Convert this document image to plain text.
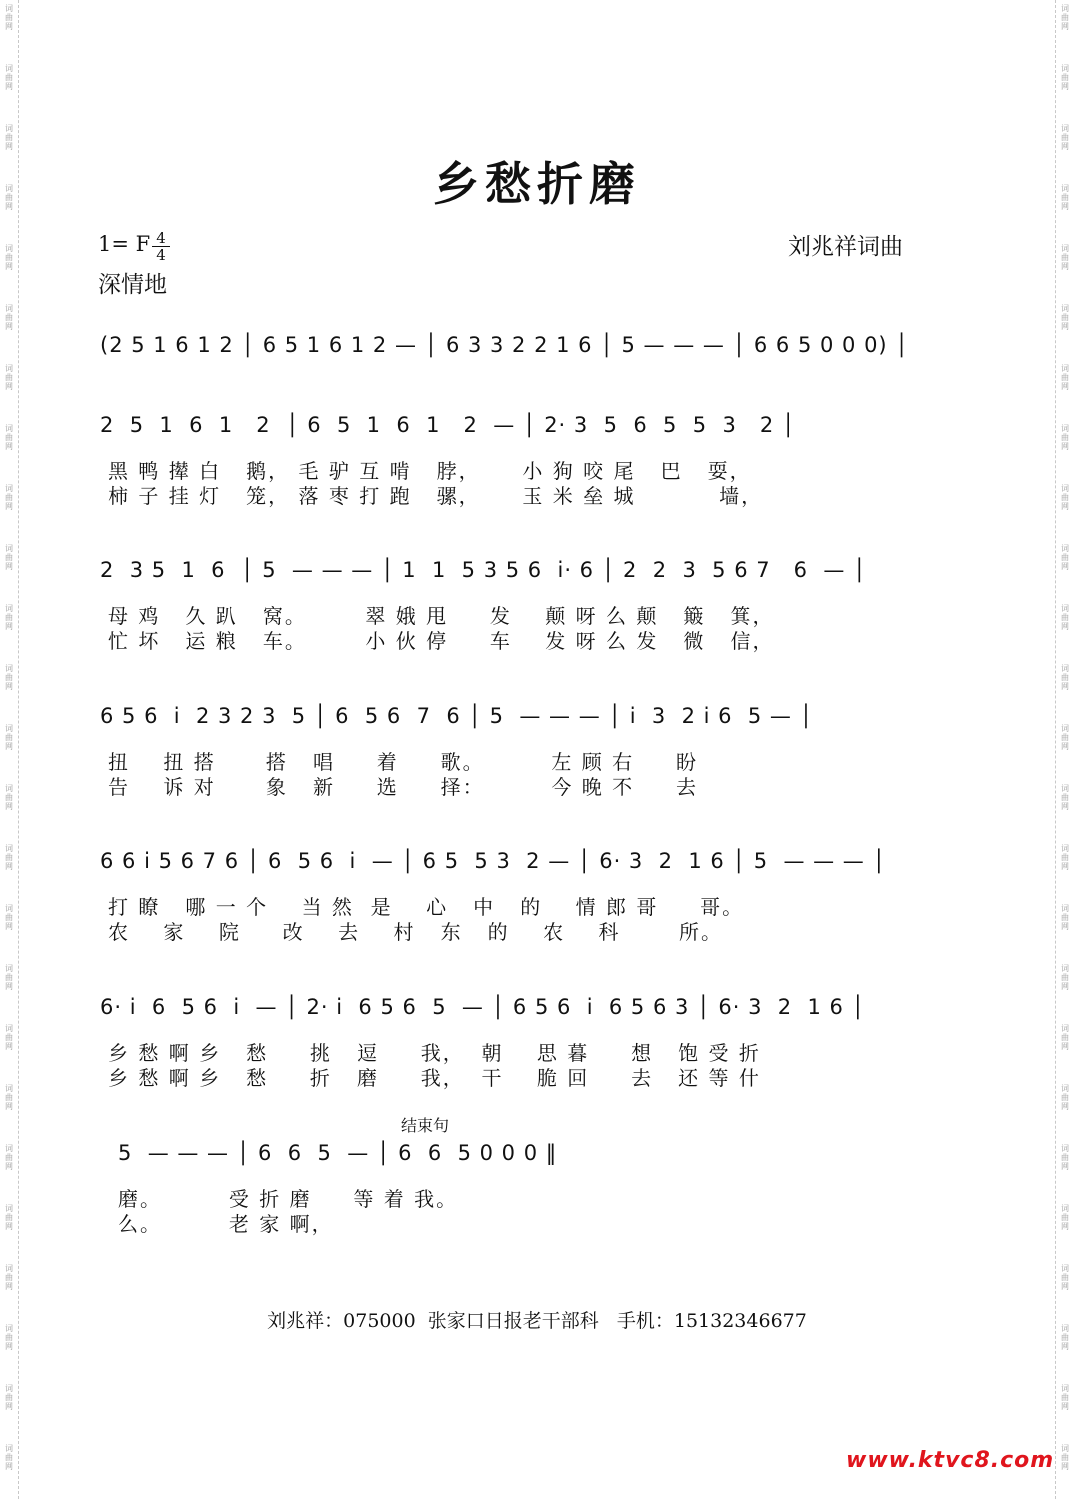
词
曲
网
词
曲
网
词
曲
网
词
曲
网
词
曲
网
词
曲
网
词
曲
网
词
曲
网
词
曲
网
词
曲
网
词
曲
网
词
曲
网
词
曲
网
词
曲
网
词
曲
网
词
曲
网
词
曲
网
词
曲
网
词
曲
网
词
曲
网
词
曲
网
词
曲
网
词
曲
网
词
曲
网
词
曲
网
词
曲
网
词
曲
网
词
曲
网
词
曲
网
词
曲
网
词
曲
网
词
曲
网
词
曲
网
词
曲
网
词
曲
网
词
曲
网
词
曲
网
词
曲
网
词
曲
网
词
曲
网
词
曲
网
词
曲
网
词
曲
网
词
曲
网
词
曲
网
词
曲
网
词
曲
网
词
曲
网
词
曲
网
词
曲
网
乡愁折磨
1= F 4
4
深情地
刘兆祥词曲

(2 5 1 6 1 2 │ 6 5 1 6 1 2 — │ 6 3 3 2 2 1 6 │ 5 — — — │ 6 6 5 0 0 0) │

2  5  1  6  1   2  │ 6  5  1  6  1   2  — │ 2· 3  5  6  5  5  3   2 │

黑 鸭 撵 白   鹅， 毛 驴 互 啃   脖，     小 狗 咬 尾   巴   耍，
柿 子 挂 灯   笼， 落 枣 打 跑   骡，     玉 米 垒 城          墙，

2  3 5  1  6  │ 5  — — — │ 1  1  5 3 5 6  i· 6 │ 2  2  3  5 6 7   6  — │

母 鸡   久 趴   窝。       翠 娥 甩     发    颠 呀 么 颠   簸   箕，
忙 坏   运 粮   车。       小 伙 停     车    发 呀 么 发   微   信，

6 5 6  i  2 3 2 3  5 │ 6  5 6  7  6 │ 5  — — — │ i  3  2 i 6  5 — │

扭    扭 搭      搭   唱     着     歌。        左 顾 右     盼
告    诉 对      象   新     选     择：        今 晚 不     去

6 6 i 5 6 7 6 │ 6  5 6  i  — │ 6 5  5 3  2 — │ 6· 3  2  1 6 │ 5  — — — │

打 瞭   哪 一 个    当 然  是    心   中   的    情 郎 哥     哥。
农    家    院     改    去    村   东   的    农    科       所。

6· i  6  5 6  i  — │ 2· i  6 5 6  5  — │ 6 5 6  i  6 5 6 3 │ 6· 3  2  1 6 │

乡 愁 啊 乡   愁     挑   逗     我，  朝    思 暮     想   饱 受 折
乡 愁 啊 乡   愁     折   磨     我，  干    脆 回     去   还 等 什
结束句

5  — — — │ 6  6  5  — │ 6  6  5 0 0 0 ‖

磨。        受 折 磨     等 着 我。
么。        老 家 啊，
刘兆祥：075000  张家口日报老干部科   手机：15132346677
www.ktvc8.com
